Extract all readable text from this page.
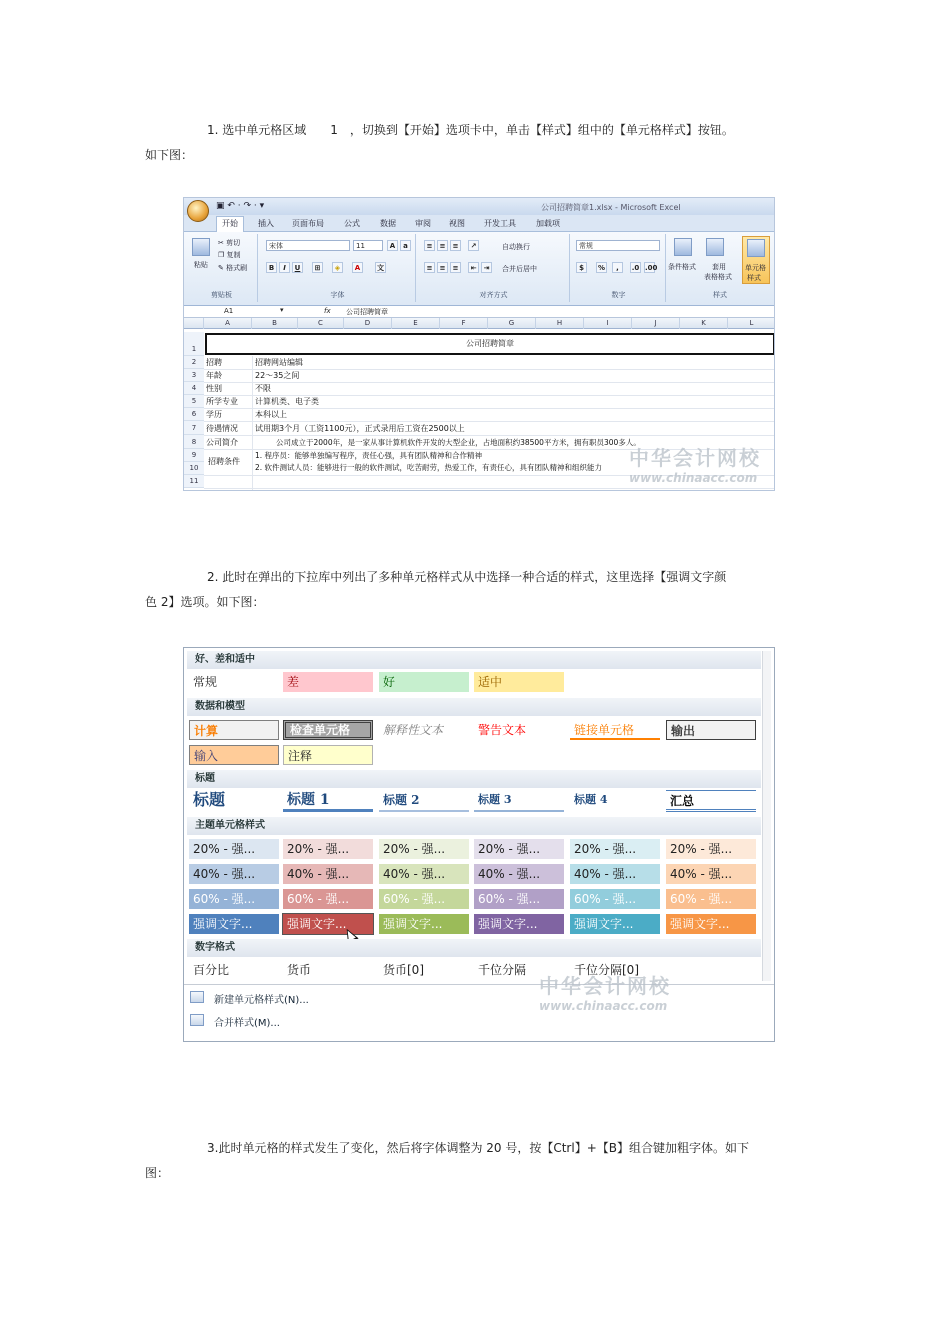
1. 选中单元格区域　　1　，切换到【开始】选项卡中，单击【样式】组中的【单元格样式】按钮。
如下图：
▣ ↶ · ↷ · ▾	公司招聘简章1.xlsx - Microsoft Excel
开始	插入 页面布局	公式	数据 审阅 视图 开发工具	加载项
粘贴
✂ 剪切
❐ 复制
✎ 格式刷
剪贴板
宋体	11	A	a
B	I	U	⊞	◈	A	文
字体
≡	≡	≡	↗	自动换行
≡	≡	≡	⇤	⇥	合并后居中
对齐方式
常规
$	%	,	.0 .00
数字
条件格式 套用
表格格式
单元格
样式
样式
A1	▾	fx 公司招聘简章
A	B	C	D	E	F	G	H	I	J	K	L
1
2
3
4
5
6
7
8
9
10
11
公司招聘简章
招聘
年龄
性别
所学专业
学历
待遇情况
公司简介
招聘条件
招聘网站编辑
22～35之间
不限
计算机类、电子类
本科以上
试用期3个月（工资1100元），正式录用后工资在2500以上
公司成立于2000年，是一家从事计算机软件开发的大型企业，占地面积约38500平方米，拥有职员300多人。
1. 程序员：能够单独编写程序，责任心强，具有团队精神和合作精神
2. 软件测试人员：能够进行一般的软件测试，吃苦耐劳，热爱工作，有责任心，具有团队精神和组织能力 中华会计网校
www.chinaacc.com
2. 此时在弹出的下拉库中列出了多种单元格样式从中选择一种合适的样式，这里选择【强调文字颜
色 2】选项。如下图：
好、差和适中
常规	差	好	适中
数据和模型
计算	检查单元格	解释性文本	警告文本	链接单元格	输出
输入	注释
标题
标题	标题 1	标题 2	标题 3	标题 4	汇总
主题单元格样式
20% - 强...	20% - 强...	20% - 强...	20% - 强...	20% - 强...	20% - 强...
40% - 强...	40% - 强...	40% - 强...	40% - 强...	40% - 强...	40% - 强...
60% - 强...	60% - 强...	60% - 强...	60% - 强...	60% - 强...	60% - 强...
强调文字...	强调文字...	强调文字...	强调文字...	强调文字...	强调文字...
数字格式
百分比	货币	货币[0]	千位分隔	千位分隔[0]
新建单元格样式(N)...
合并样式(M)...
中华会计网校
www.chinaacc.com
3.此时单元格的样式发生了变化，然后将字体调整为 20 号，按【Ctrl】+【B】组合键加粗字体。如下
图：
